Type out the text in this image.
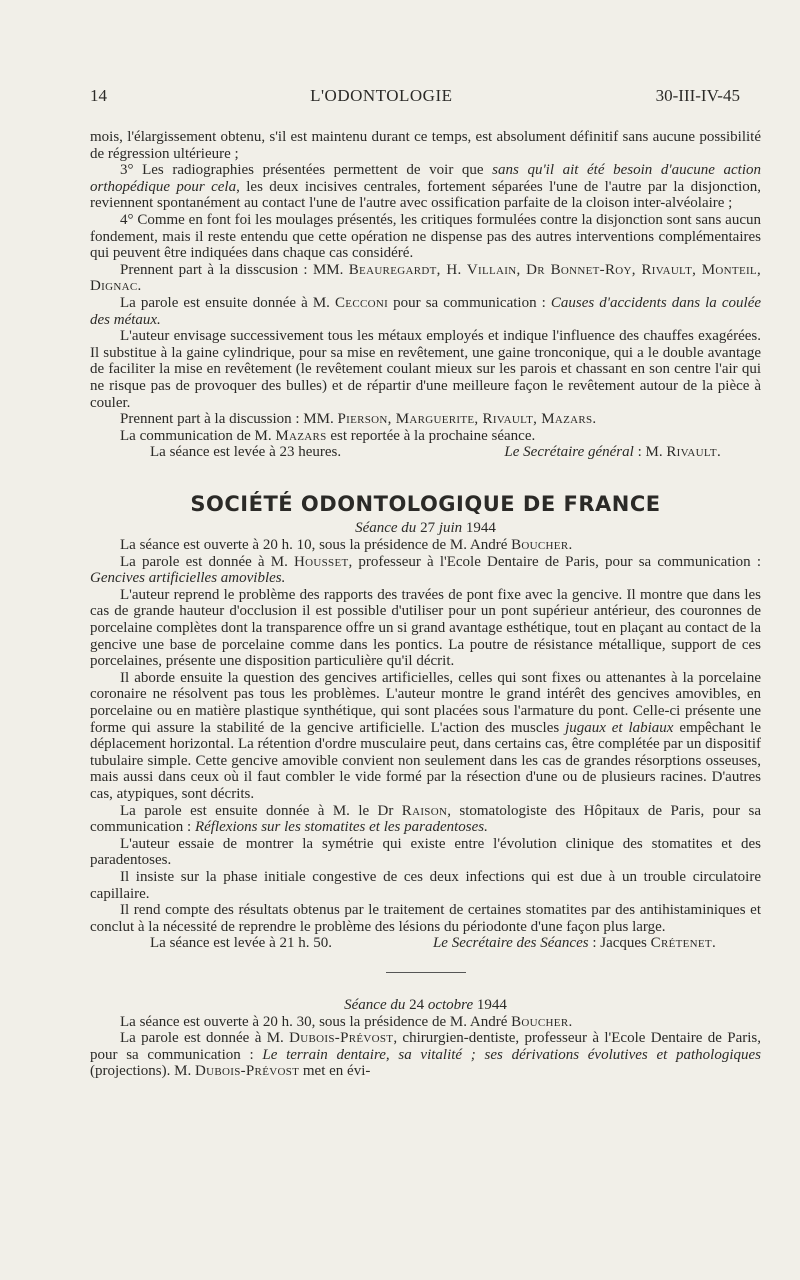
14	L'ODONTOLOGIE	30-III-IV-45

mois, l'élargissement obtenu, s'il est maintenu durant ce temps, est absolument définitif sans aucune possibilité de régression ultérieure ;

3° Les radiographies présentées permettent de voir que sans qu'il ait été besoin d'aucune action orthopédique pour cela, les deux incisives centrales, fortement séparées l'une de l'autre par la disjonction, reviennent spontanément au contact l'une de l'autre avec ossification parfaite de la cloison inter-alvéolaire ;

4° Comme en font foi les moulages présentés, les critiques formulées contre la disjonction sont sans aucun fondement, mais il reste entendu que cette opération ne dispense pas des autres interventions complémentaires qui peuvent être indiquées dans chaque cas considéré.

Prennent part à la disscusion : MM. Beauregardt, H. Villain, Dr Bonnet-Roy, Rivault, Monteil, Dignac.

La parole est ensuite donnée à M. Cecconi pour sa communication : Causes d'accidents dans la coulée des métaux.

L'auteur envisage successivement tous les métaux employés et indique l'influence des chauffes exagérées. Il substitue à la gaine cylindrique, pour sa mise en revêtement, une gaine tronconique, qui a le double avantage de faciliter la mise en revêtement (le revêtement coulant mieux sur les parois et chassant en son centre l'air qui ne risque pas de provoquer des bulles) et de répartir d'une meilleure façon le revêtement autour de la pièce à couler.

Prennent part à la discussion : MM. Pierson, Marguerite, Rivault, Mazars.

La communication de M. Mazars est reportée à la prochaine séance.

La séance est levée à 23 heures.	Le Secrétaire général : M. Rivault.

SOCIÉTÉ ODONTOLOGIQUE DE FRANCE

Séance du 27 juin 1944

La séance est ouverte à 20 h. 10, sous la présidence de M. André Boucher.

La parole est donnée à M. Housset, professeur à l'Ecole Dentaire de Paris, pour sa communication : Gencives artificielles amovibles.

L'auteur reprend le problème des rapports des travées de pont fixe avec la gencive. Il montre que dans les cas de grande hauteur d'occlusion il est possible d'utiliser pour un pont supérieur antérieur, des couronnes de porcelaine complètes dont la transparence offre un si grand avantage esthétique, tout en plaçant au contact de la gencive une base de porcelaine comme dans les pontics. La poutre de résistance métallique, support de ces porcelaines, présente une disposition particulière qu'il décrit.

Il aborde ensuite la question des gencives artificielles, celles qui sont fixes ou attenantes à la porcelaine coronaire ne résolvent pas tous les problèmes. L'auteur montre le grand intérêt des gencives amovibles, en porcelaine ou en matière plastique synthétique, qui sont placées sous l'armature du pont. Celle-ci présente une forme qui assure la stabilité de la gencive artificielle. L'action des muscles jugaux et labiaux empêchant le déplacement horizontal. La rétention d'ordre musculaire peut, dans certains cas, être complétée par un dispositif tubulaire simple. Cette gencive amovible convient non seulement dans les cas de grandes résorptions osseuses, mais aussi dans ceux où il faut combler le vide formé par la résection d'une ou de plusieurs racines. D'autres cas, atypiques, sont décrits.

La parole est ensuite donnée à M. le Dr Raison, stomatologiste des Hôpitaux de Paris, pour sa communication : Réflexions sur les stomatites et les paradentoses.

L'auteur essaie de montrer la symétrie qui existe entre l'évolution clinique des stomatites et des paradentoses.

Il insiste sur la phase initiale congestive de ces deux infections qui est due à un trouble circulatoire capillaire.

Il rend compte des résultats obtenus par le traitement de certaines stomatites par des antihistaminiques et conclut à la nécessité de reprendre le problème des lésions du périodonte d'une façon plus large.

La séance est levée à 21 h. 50.	Le Secrétaire des Séances : Jacques Crétenet.

Séance du 24 octobre 1944

La séance est ouverte à 20 h. 30, sous la présidence de M. André Boucher.

La parole est donnée à M. Dubois-Prévost, chirurgien-dentiste, professeur à l'Ecole Dentaire de Paris, pour sa communication : Le terrain dentaire, sa vitalité ; ses dérivations évolutives et pathologiques (projections). M. Dubois-Prévost met en évi-
